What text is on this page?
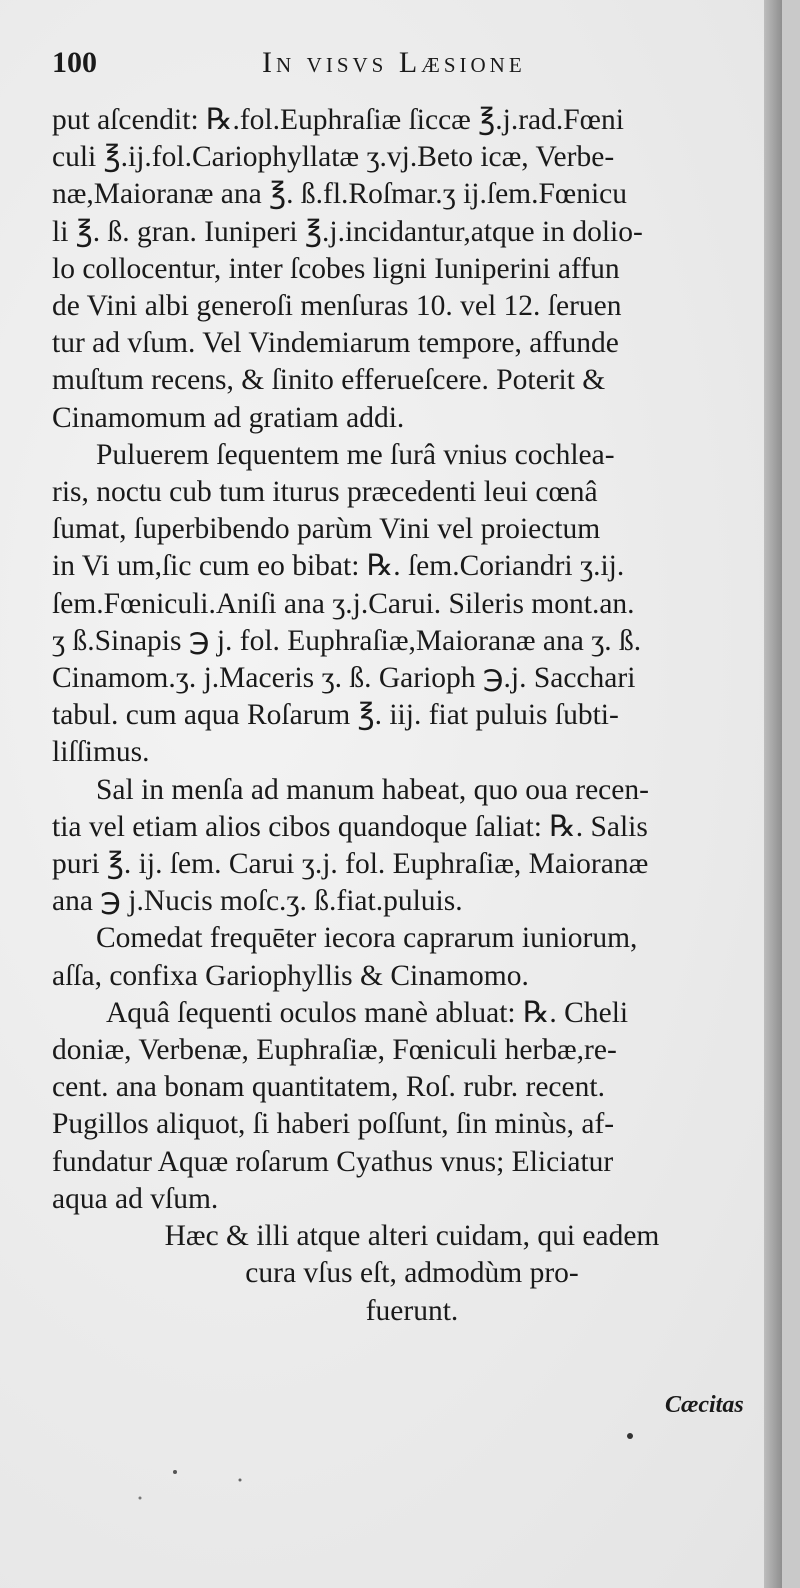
100	In visvs Læsione
put aſcendit: ℞.fol.Euphraſiæ ſiccæ ℥.j.rad.Fœni
culi ℥.ij.fol.Cariophyllatæ ʒ.vj.Beto icæ, Verbe-
næ,Maioranæ ana ℥. ß.fl.Roſmar.ʒ ij.ſem.Fœnicu
li ℥. ß. gran. Iuniperi ℥.j.incidantur,atque in dolio-
lo collocentur, inter ſcobes ligni Iuniperini affun
de Vini albi generoſi menſuras 10. vel 12. ſeruen
tur ad vſum. Vel Vindemiarum tempore, affunde
muſtum recens, & ſinito efferueſcere. Poterit &
Cinamomum ad gratiam addi.
Puluerem ſequentem me ſurâ vnius cochlea-
ris, noctu cub tum iturus præcedenti leui cœnâ
ſumat, ſuperbibendo parùm Vini vel proiectum
in Vi um,ſic cum eo bibat: ℞. ſem.Coriandri ʒ.ij.
ſem.Fœniculi.Aniſi ana ʒ.j.Carui. Sileris mont.an.
ʒ ß.Sinapis ℈ j. fol. Euphraſiæ,Maioranæ ana ʒ. ß.
Cinamom.ʒ. j.Maceris ʒ. ß. Garioph ℈.j. Sacchari
tabul. cum aqua Roſarum ℥. iij. fiat puluis ſubti-
liſſimus.
Sal in menſa ad manum habeat, quo oua recen-
tia vel etiam alios cibos quandoque ſaliat: ℞. Salis
puri ℥. ij. ſem. Carui ʒ.j. fol. Euphraſiæ, Maioranæ
ana ℈ j.Nucis moſc.ʒ. ß.fiat.puluis.
Comedat frequēter iecora caprarum iuniorum,
aſſa, confixa Gariophyllis & Cinamomo.
Aquâ ſequenti oculos manè abluat: ℞. Cheli
doniæ, Verbenæ, Euphraſiæ, Fœniculi herbæ,re-
cent. ana bonam quantitatem, Roſ. rubr. recent.
Pugillos aliquot, ſi haberi poſſunt, ſin minùs, af-
fundatur Aquæ roſarum Cyathus vnus; Eliciatur
aqua ad vſum.
Hæc & illi atque alteri cuidam, qui eadem
cura vſus eſt, admodùm pro-
fuerunt.
Cæcitas
